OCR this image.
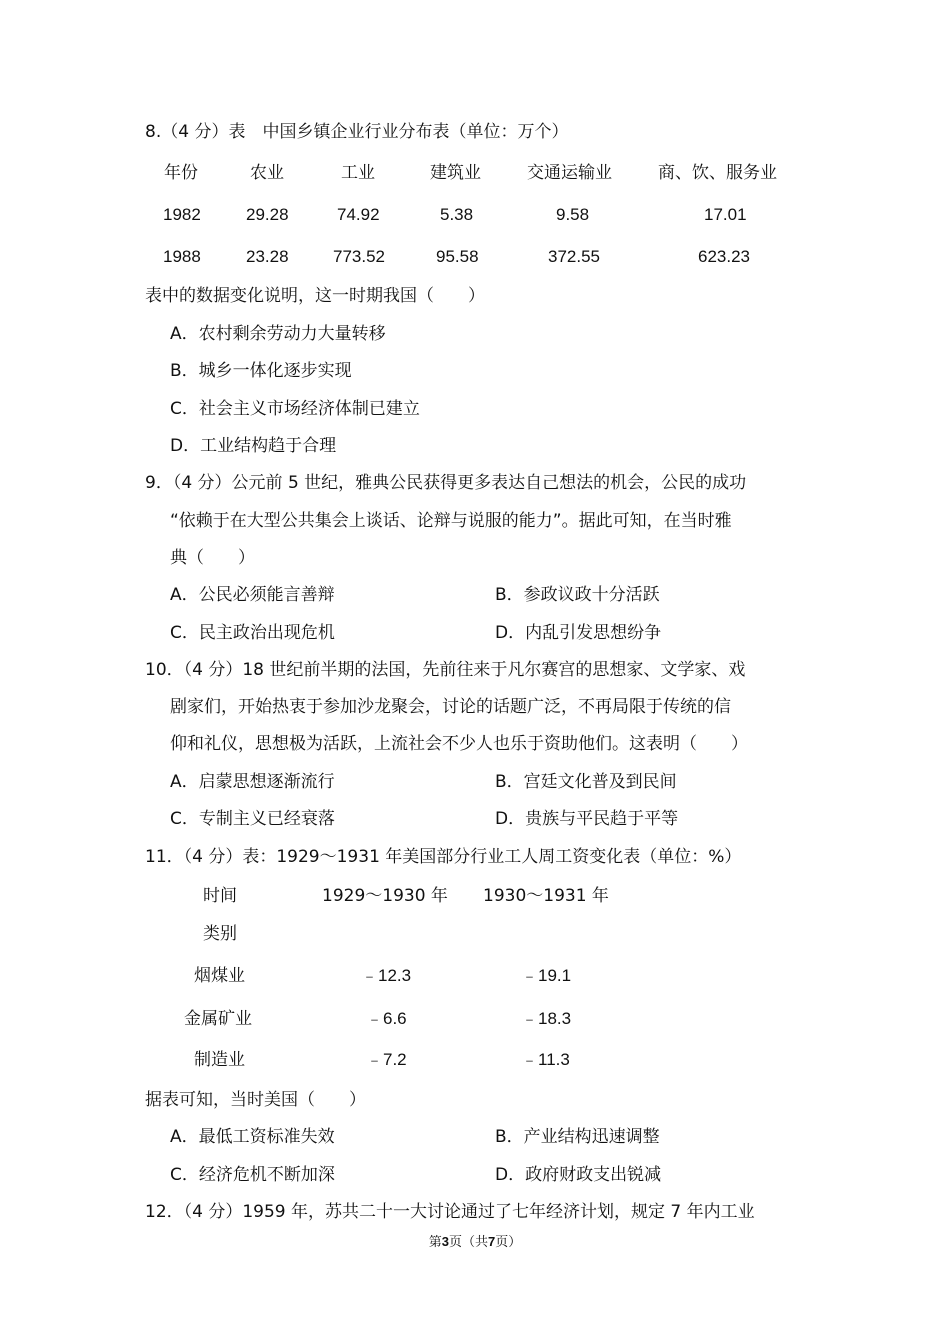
8.（4 分）表　中国乡镇企业行业分布表（单位：万个）
年份	农业	工业	建筑业	交通运输业	商、饮、服务业
1982	29.28	74.92	5.38	9.58	17.01
1988	23.28	773.52	95.58	372.55	623.23
表中的数据变化说明，这一时期我国（　　）
A．农村剩余劳动力大量转移
B．城乡一体化逐步实现
C．社会主义市场经济体制已建立
D．工业结构趋于合理
9．（4 分）公元前 5 世纪，雅典公民获得更多表达自己想法的机会，公民的成功
“依赖于在大型公共集会上谈话、论辩与说服的能力”。据此可知，在当时雅
典（　　）
A．公民必须能言善辩	B．参政议政十分活跃
C．民主政治出现危机	D．内乱引发思想纷争
10．（4 分）18 世纪前半期的法国，先前往来于凡尔赛宫的思想家、文学家、戏
剧家们，开始热衷于参加沙龙聚会，讨论的话题广泛，不再局限于传统的信
仰和礼仪，思想极为活跃，上流社会不少人也乐于资助他们。这表明（　　）
A．启蒙思想逐渐流行	B．宫廷文化普及到民间
C．专制主义已经衰落	D．贵族与平民趋于平等
11．（4 分）表：1929～1931 年美国部分行业工人周工资变化表（单位：%）
时间	1929～1930 年 1930～1931 年
类别
烟煤业	﹣12.3	﹣19.1
金属矿业	﹣6.6	﹣18.3
制造业	﹣7.2	﹣11.3
据表可知，当时美国（　　）
A．最低工资标准失效	B．产业结构迅速调整
C．经济危机不断加深	D．政府财政支出锐减
12．（4 分）1959 年，苏共二十一大讨论通过了七年经济计划，规定 7 年内工业
第3页（共7页）
